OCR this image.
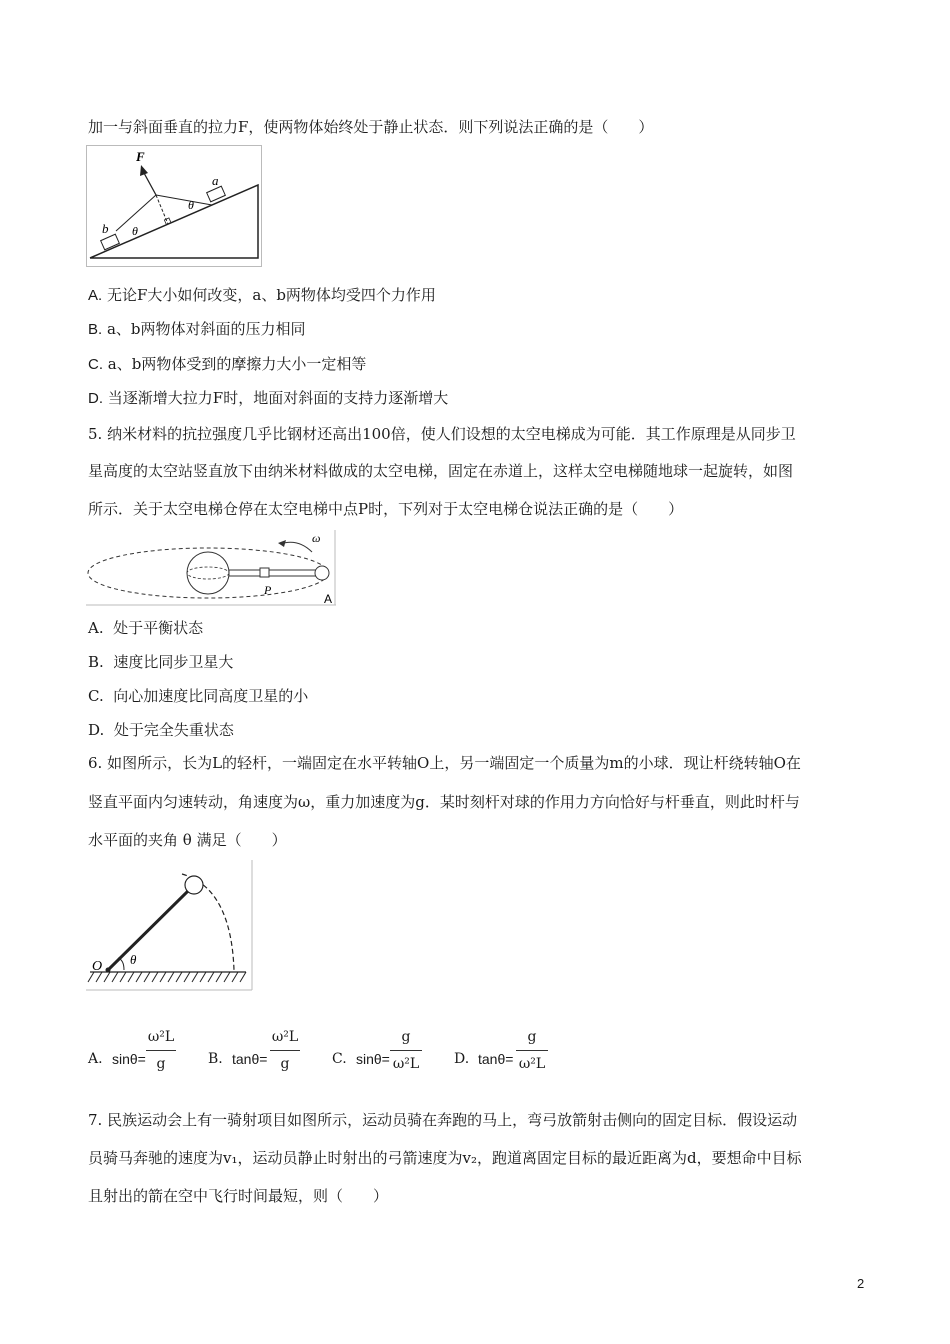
加一与斜面垂直的拉力F，使两物体始终处于静止状态．则下列说法正确的是（　　）
F
a
b θ
θ
A. 无论F大小如何改变，a、b两物体均受四个力作用
B. a、b两物体对斜面的压力相同
C. a、b两物体受到的摩擦力大小一定相等
D. 当逐渐增大拉力F时，地面对斜面的支持力逐渐增大
5. 纳米材料的抗拉强度几乎比钢材还高出100倍，使人们设想的太空电梯成为可能．其工作原理是从同步卫
星高度的太空站竖直放下由纳米材料做成的太空电梯，固定在赤道上，这样太空电梯随地球一起旋转，如图
所示．关于太空电梯仓停在太空电梯中点P时，下列对于太空电梯仓说法正确的是（　　）
ω
P
A
A. 处于平衡状态
B. 速度比同步卫星大
C. 向心加速度比同高度卫星的小
D. 处于完全失重状态
6. 如图所示，长为L的轻杆，一端固定在水平转轴O上，另一端固定一个质量为m的小球．现让杆绕转轴O在
竖直平面内匀速转动，角速度为ω，重力加速度为g．某时刻杆对球的作用力方向恰好与杆垂直，则此时杆与
水平面的夹角 θ 满足（　　）
O θ
A. sinθ=
ω²L
g	B. tanθ=
ω²L
g	C. sinθ=
g
ω²L D. tanθ=
g
ω²L
7. 民族运动会上有一骑射项目如图所示，运动员骑在奔跑的马上，弯弓放箭射击侧向的固定目标．假设运动
员骑马奔驰的速度为v₁，运动员静止时射出的弓箭速度为v₂，跑道离固定目标的最近距离为d，要想命中目标
且射出的箭在空中飞行时间最短，则（　　）
2
